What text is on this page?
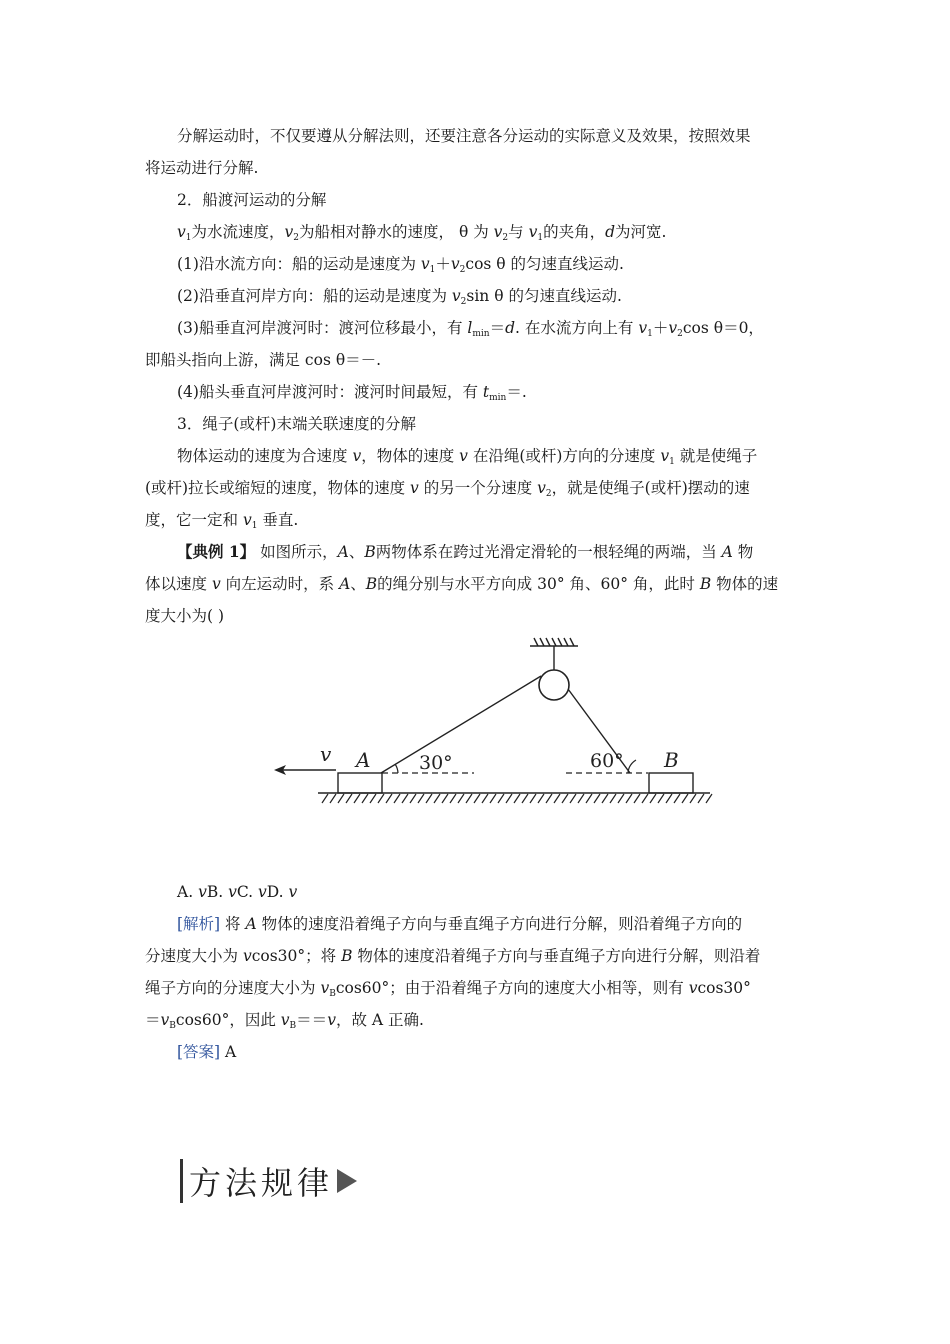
分解运动时，不仅要遵从分解法则，还要注意各分运动的实际意义及效果，按照效果
将运动进行分解.
2．船渡河运动的分解
$v_1$为水流速度，$v_2$为船相对静水的速度， θ 为 $v_2$与 $v_1$的夹角，d为河宽.
(1)沿水流方向：船的运动是速度为 $v_1+v_2\cos$ θ 的匀速直线运动.
(2)沿垂直河岸方向：船的运动是速度为 $v_2\sin$ θ 的匀速直线运动.
(3)船垂直河岸渡河时：渡河位移最小，有 $l_{min}=d$. 在水流方向上有 $v_1+v_2\cos$ θ＝0，
即船头指向上游，满足 cos θ＝－.
(4)船头垂直河岸渡河时：渡河时间最短，有 $t_{min}=$.
3．绳子(或杆)末端关联速度的分解
物体运动的速度为合速度 v，物体的速度 v 在沿绳(或杆)方向的分速度 $v_1$ 就是使绳子
(或杆)拉长或缩短的速度，物体的速度 v 的另一个分速度 $v_2$，就是使绳子(或杆)摆动的速
度，它一定和 $v_1$ 垂直.
【典例 1】 如图所示，A、B两物体系在跨过光滑定滑轮的一根轻绳的两端，当 A 物
体以速度 v 向左运动时，系 A、B的绳分别与水平方向成 30° 角、60° 角，此时 B 物体的速
度大小为( )
v A	B
30°	60°
A. vB. vC. vD. v
[解析] 将 A 物体的速度沿着绳子方向与垂直绳子方向进行分解，则沿着绳子方向的
分速度大小为 vcos30°；将 B 物体的速度沿着绳子方向与垂直绳子方向进行分解，则沿着
绳子方向的分速度大小为 $v_B\cos 60^\circ$；由于沿着绳子方向的速度大小相等，则有 vcos30°
$=v_B\cos 60^\circ$，因此 $v_B==v$，故 A 正确.
[答案] A
方法规律
